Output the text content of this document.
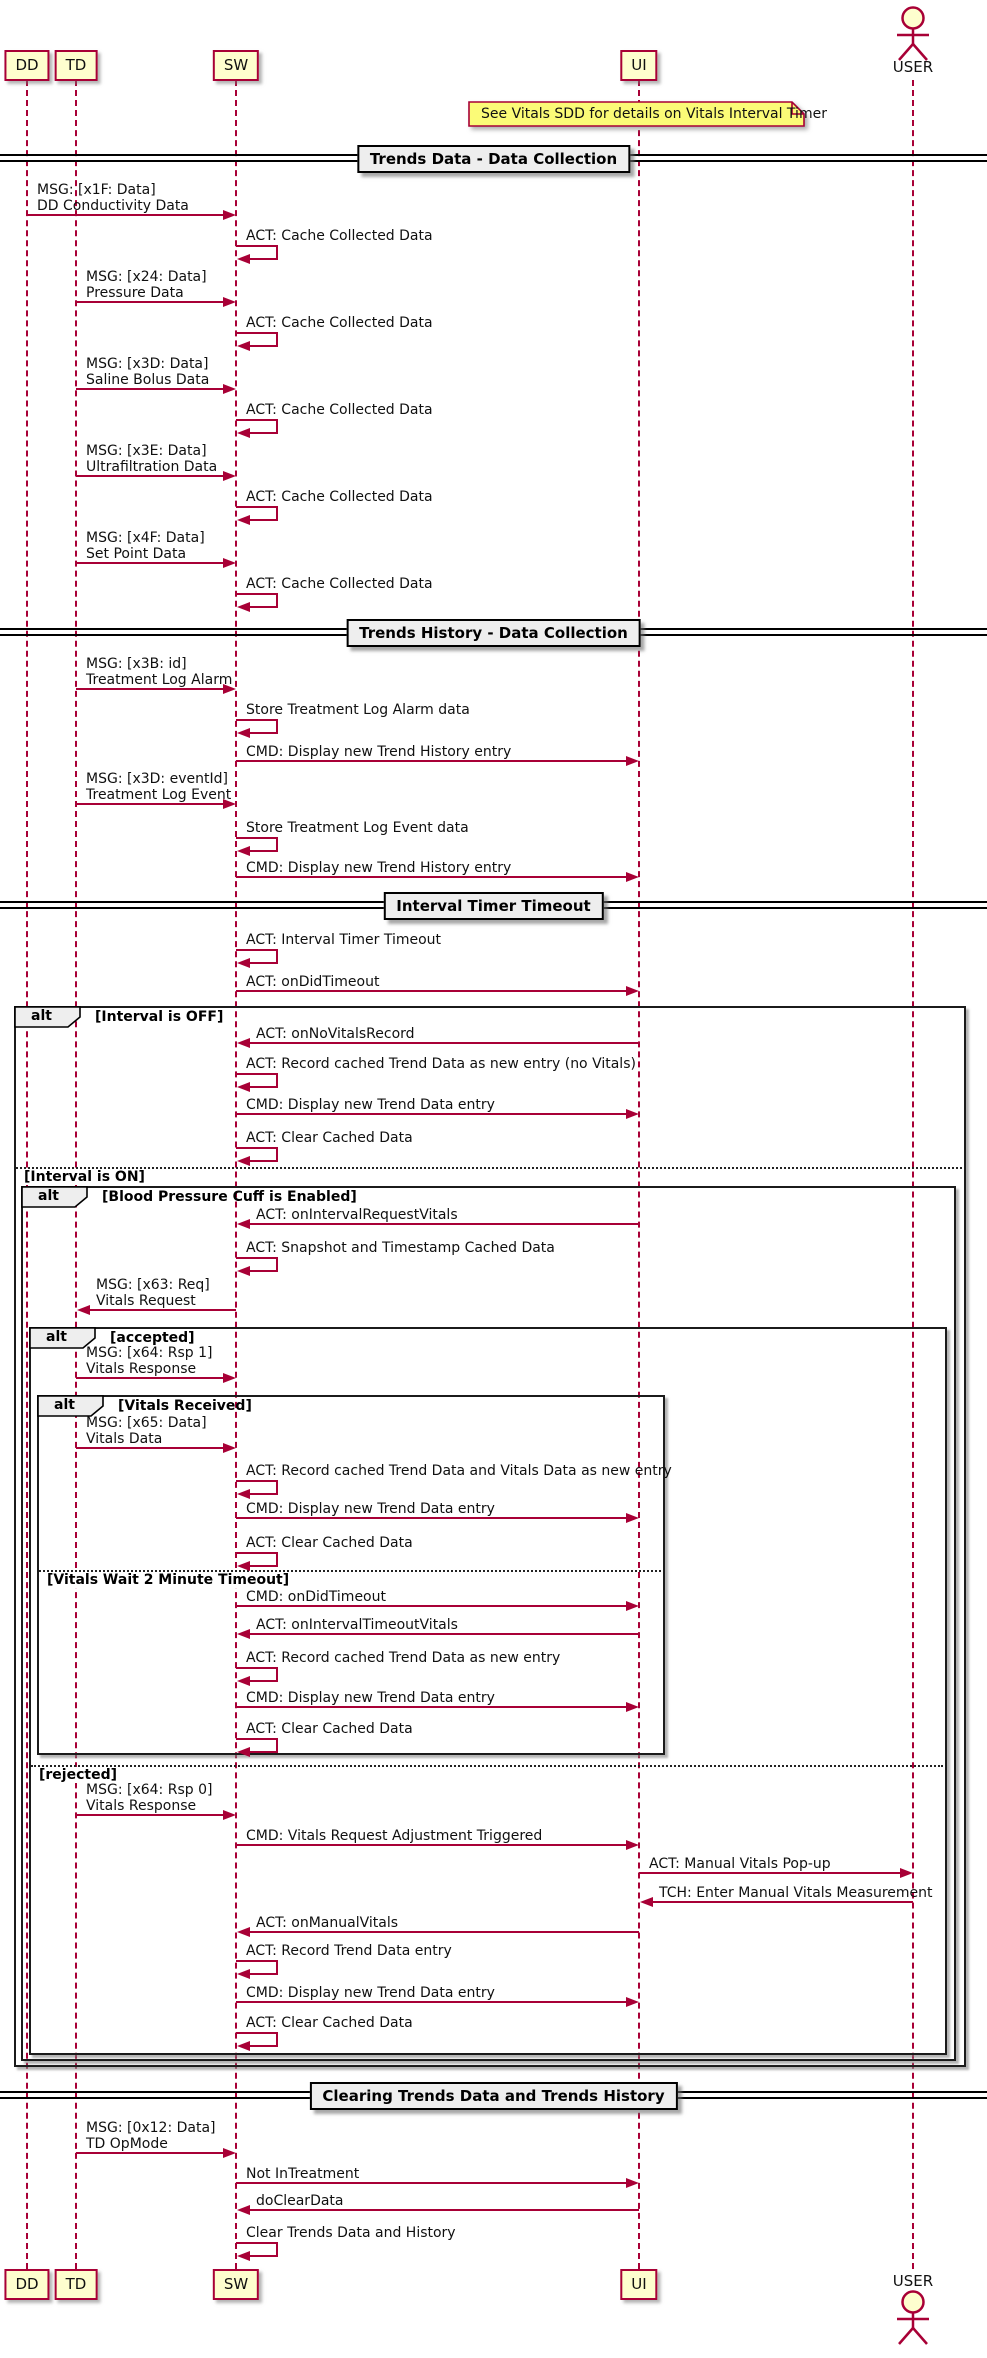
DD
DD
TD
TD
SW
SW
UI
UI
USER
USER
See Vitals SDD for details on Vitals Interval Timer
Trends Data - Data Collection
Trends History - Data Collection
Interval Timer Timeout
Clearing Trends Data and Trends History
alt	[Interval is OFF]
alt	[Blood Pressure Cuff is Enabled]
alt	[accepted]
alt	[Vitals Received]
[Interval is ON]
[Vitals Wait 2 Minute Timeout]
[rejected]
MSG: [x1F: Data]
DD Conductivity Data
ACT: Cache Collected Data
MSG: [x24: Data]
Pressure Data
ACT: Cache Collected Data
MSG: [x3D: Data]
Saline Bolus Data
ACT: Cache Collected Data
MSG: [x3E: Data]
Ultrafiltration Data
ACT: Cache Collected Data
MSG: [x4F: Data]
Set Point Data
ACT: Cache Collected Data
MSG: [x3B: id]
Treatment Log Alarm
Store Treatment Log Alarm data
CMD: Display new Trend History entry
MSG: [x3D: eventId]
Treatment Log Event
Store Treatment Log Event data
CMD: Display new Trend History entry
ACT: Interval Timer Timeout
ACT: onDidTimeout
ACT: onNoVitalsRecord
ACT: Record cached Trend Data as new entry (no Vitals)
CMD: Display new Trend Data entry
ACT: Clear Cached Data
ACT: onIntervalRequestVitals
ACT: Snapshot and Timestamp Cached Data
MSG: [x63: Req]
Vitals Request
MSG: [x64: Rsp 1]
Vitals Response
MSG: [x65: Data]
Vitals Data
ACT: Record cached Trend Data and Vitals Data as new entry
CMD: Display new Trend Data entry
ACT: Clear Cached Data
CMD: onDidTimeout
ACT: onIntervalTimeoutVitals
ACT: Record cached Trend Data as new entry
CMD: Display new Trend Data entry
ACT: Clear Cached Data
MSG: [x64: Rsp 0]
Vitals Response
CMD: Vitals Request Adjustment Triggered
ACT: Manual Vitals Pop-up
TCH: Enter Manual Vitals Measurement
ACT: onManualVitals
ACT: Record Trend Data entry
CMD: Display new Trend Data entry
ACT: Clear Cached Data
MSG: [0x12: Data]
TD OpMode
Not InTreatment
doClearData
Clear Trends Data and History
